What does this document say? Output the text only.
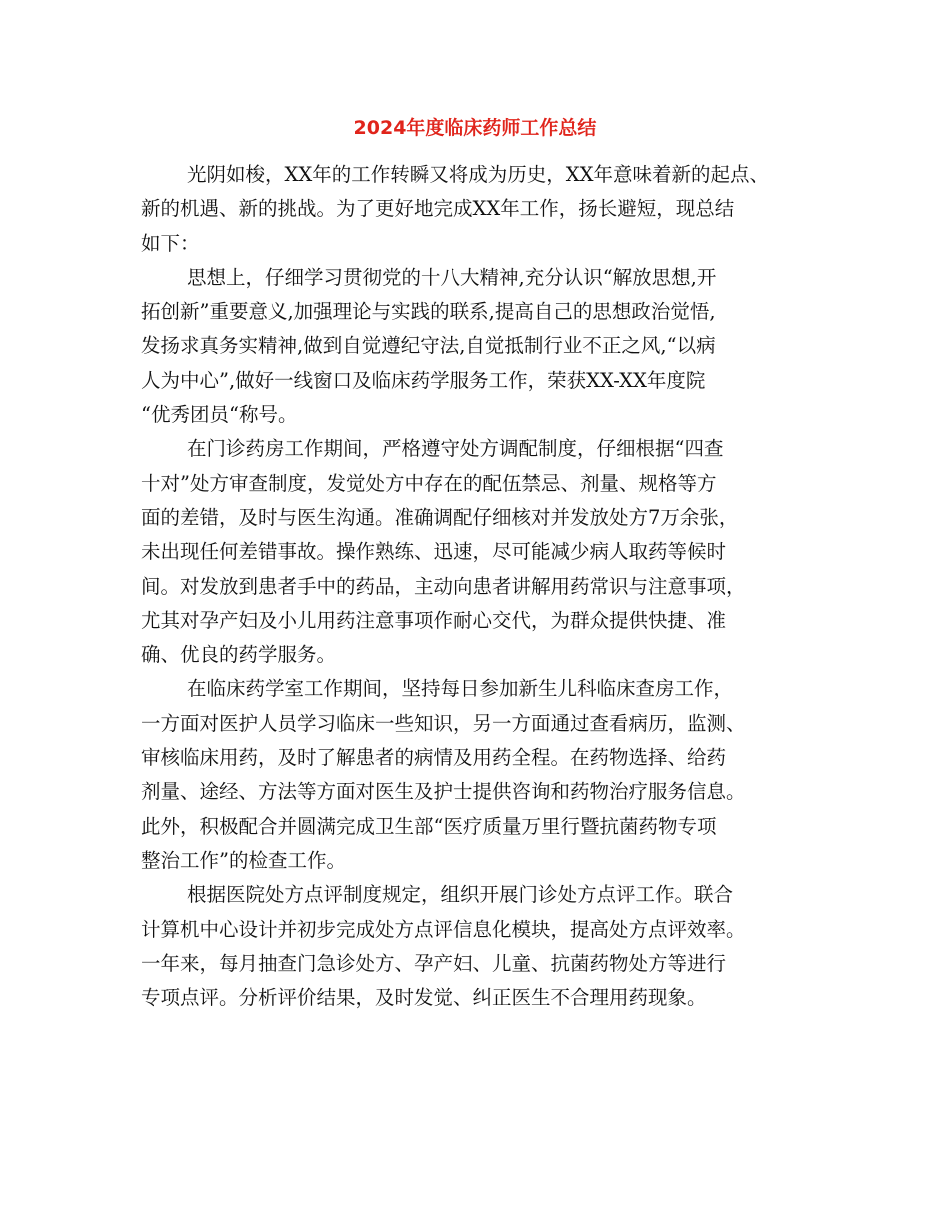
2024年度临床药师工作总结
光阴如梭，XX年的工作转瞬又将成为历史，XX年意味着新的起点、
新的机遇、新的挑战。为了更好地完成XX年工作，扬长避短，现总结
如下：
思想上，仔细学习贯彻党的十八大精神,充分认识“解放思想,开
拓创新”重要意义,加强理论与实践的联系,提高自己的思想政治觉悟,
发扬求真务实精神,做到自觉遵纪守法,自觉抵制行业不正之风,“以病
人为中心”,做好一线窗口及临床药学服务工作，荣获XX-XX年度院
“优秀团员“称号。
在门诊药房工作期间，严格遵守处方调配制度，仔细根据“四查
十对”处方审查制度，发觉处方中存在的配伍禁忌、剂量、规格等方
面的差错，及时与医生沟通。准确调配仔细核对并发放处方7万余张，
未出现任何差错事故。操作熟练、迅速，尽可能减少病人取药等候时
间。对发放到患者手中的药品，主动向患者讲解用药常识与注意事项，
尤其对孕产妇及小儿用药注意事项作耐心交代，为群众提供快捷、准
确、优良的药学服务。
在临床药学室工作期间，坚持每日参加新生儿科临床查房工作，
一方面对医护人员学习临床一些知识，另一方面通过查看病历，监测、
审核临床用药，及时了解患者的病情及用药全程。在药物选择、给药
剂量、途经、方法等方面对医生及护士提供咨询和药物治疗服务信息。
此外，积极配合并圆满完成卫生部“医疗质量万里行暨抗菌药物专项
整治工作”的检查工作。
根据医院处方点评制度规定，组织开展门诊处方点评工作。联合
计算机中心设计并初步完成处方点评信息化模块，提高处方点评效率。
一年来，每月抽查门急诊处方、孕产妇、儿童、抗菌药物处方等进行
专项点评。分析评价结果，及时发觉、纠正医生不合理用药现象。
